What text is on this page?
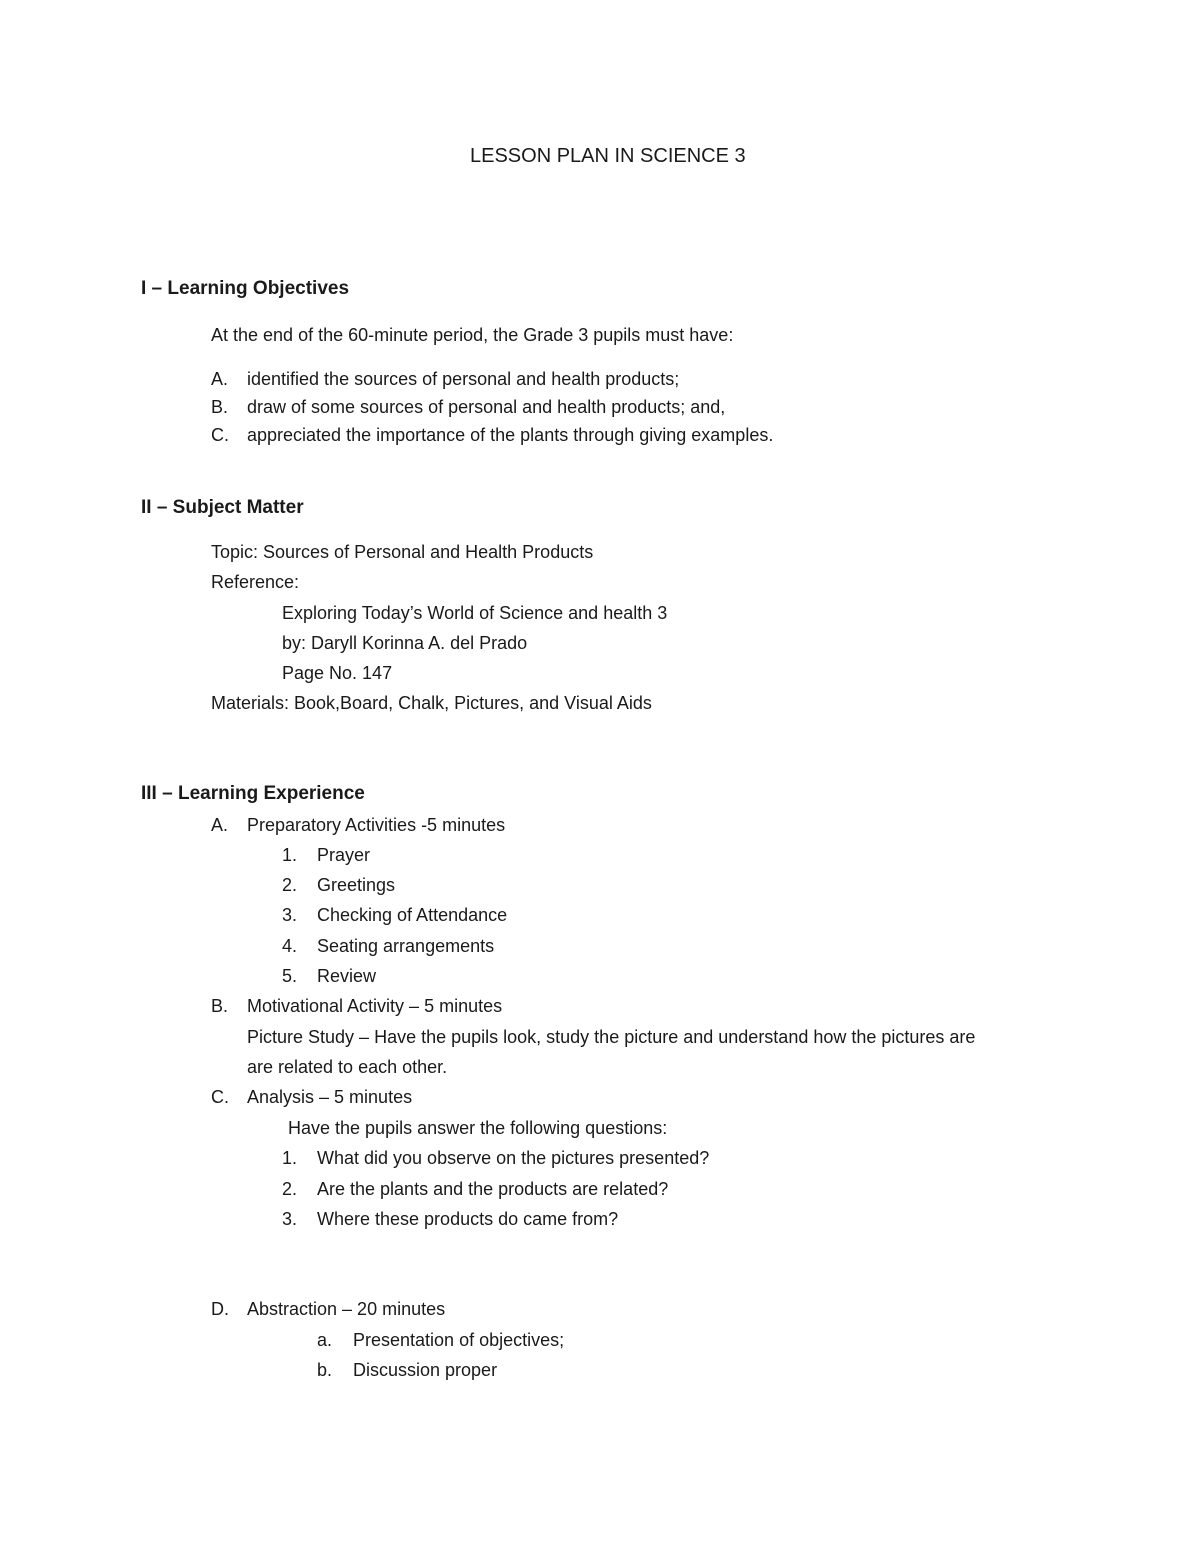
LESSON PLAN IN SCIENCE 3
I – Learning Objectives
At the end of the 60-minute period, the Grade 3 pupils must have:
A. identified the sources of personal and health products;
B. draw of some sources of personal and health products; and,
C. appreciated the importance of the plants through giving examples.
II – Subject Matter
Topic: Sources of Personal and Health Products
Reference:
Exploring Today’s World of Science and health 3
by: Daryll Korinna A. del Prado
Page No. 147
Materials: Book,Board, Chalk, Pictures, and Visual Aids
III – Learning Experience
A. Preparatory Activities -5 minutes
1. Prayer
2. Greetings
3. Checking of Attendance
4. Seating arrangements
5. Review
B. Motivational Activity – 5 minutes
Picture Study – Have the pupils look, study the picture and understand how the pictures are
are related to each other.
C. Analysis – 5 minutes
Have the pupils answer the following questions:
1. What did you observe on the pictures presented?
2. Are the plants and the products are related?
3. Where these products do came from?
D. Abstraction – 20 minutes
a. Presentation of objectives;
b. Discussion proper
